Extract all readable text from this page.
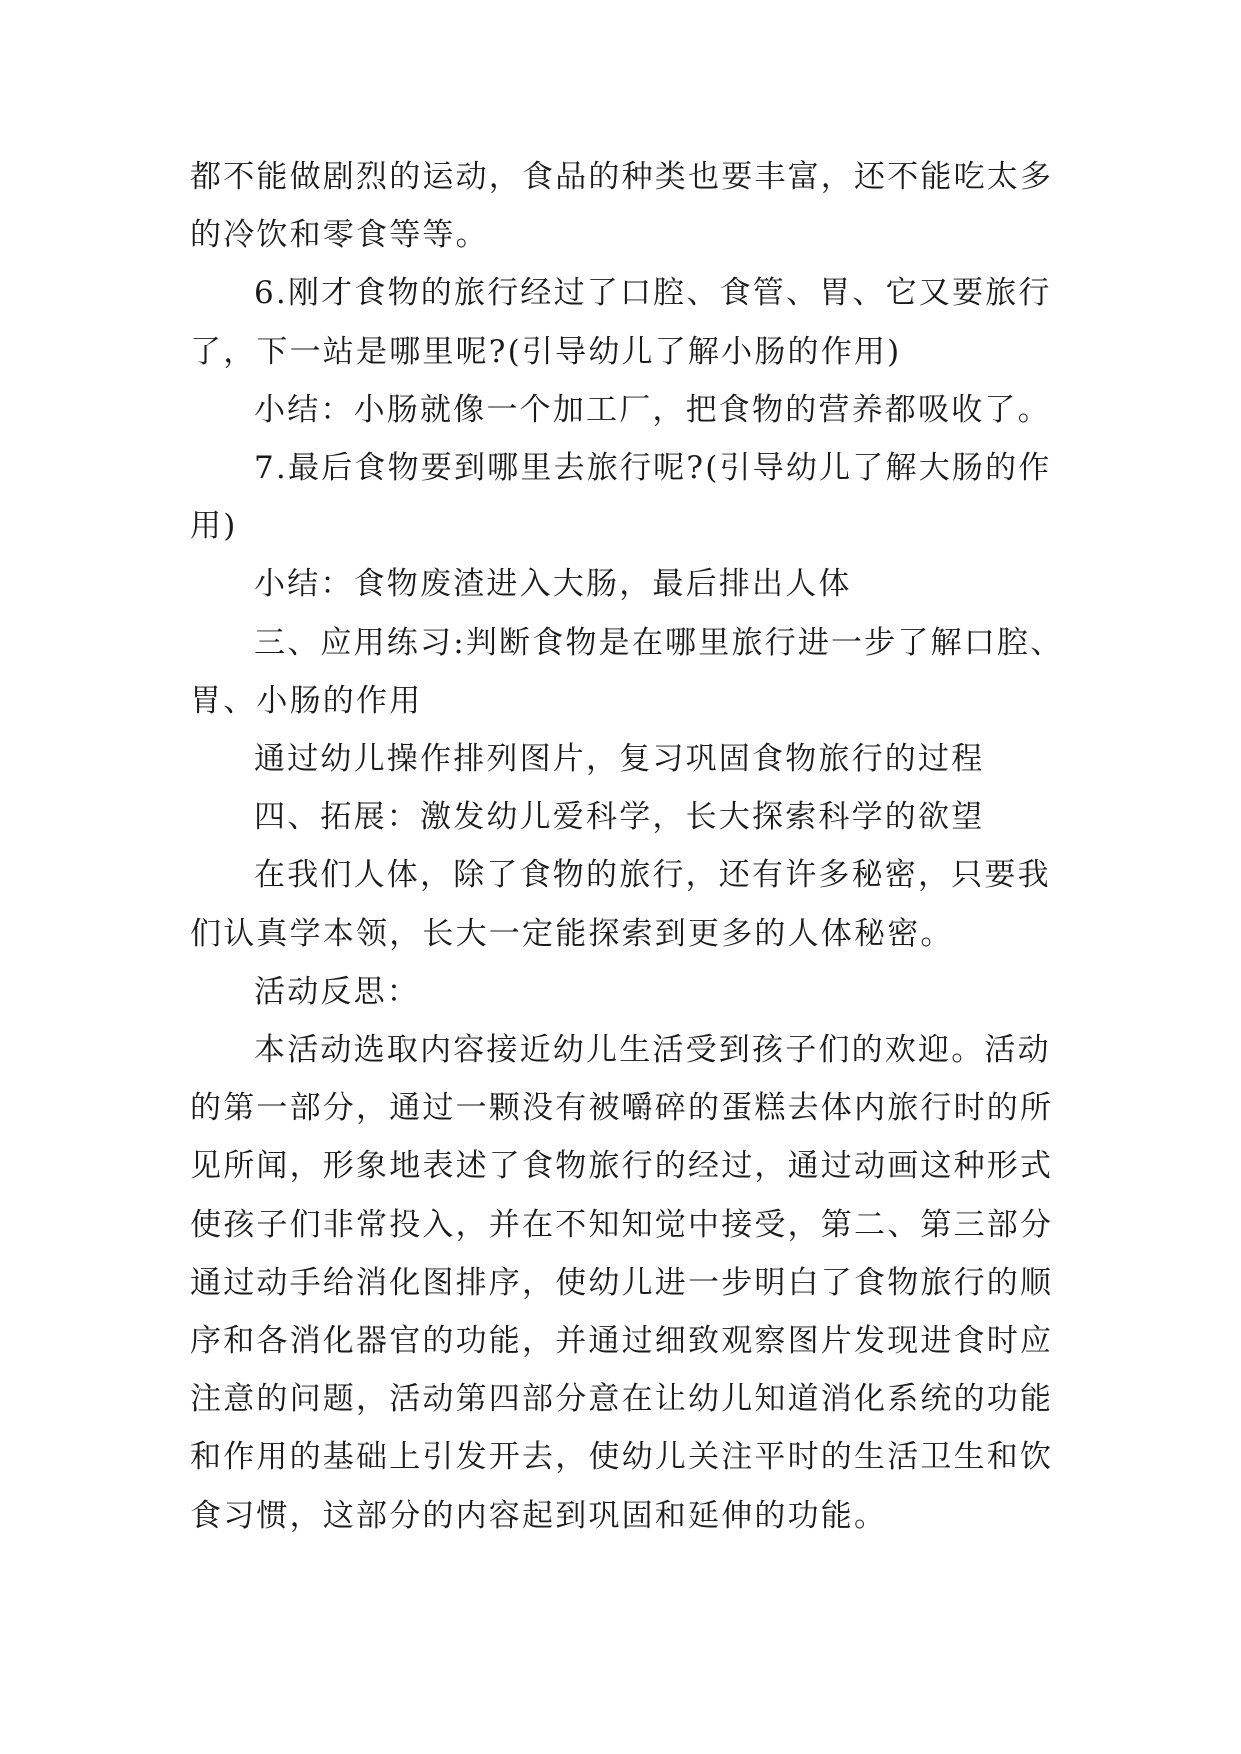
都不能做剧烈的运动，食品的种类也要丰富，还不能吃太多

的冷饮和零食等等。

6.刚才食物的旅行经过了口腔、食管、胃、它又要旅行

了，下一站是哪里呢?(引导幼儿了解小肠的作用)

小结：小肠就像一个加工厂，把食物的营养都吸收了。

7.最后食物要到哪里去旅行呢?(引导幼儿了解大肠的作

用)

小结：食物废渣进入大肠，最后排出人体

三、应用练习:判断食物是在哪里旅行进一步了解口腔、

胃、小肠的作用

通过幼儿操作排列图片，复习巩固食物旅行的过程

四、拓展：激发幼儿爱科学，长大探索科学的欲望

在我们人体，除了食物的旅行，还有许多秘密，只要我

们认真学本领，长大一定能探索到更多的人体秘密。

活动反思：

本活动选取内容接近幼儿生活受到孩子们的欢迎。活动

的第一部分，通过一颗没有被嚼碎的蛋糕去体内旅行时的所

见所闻，形象地表述了食物旅行的经过，通过动画这种形式

使孩子们非常投入，并在不知知觉中接受，第二、第三部分

通过动手给消化图排序，使幼儿进一步明白了食物旅行的顺

序和各消化器官的功能，并通过细致观察图片发现进食时应

注意的问题，活动第四部分意在让幼儿知道消化系统的功能

和作用的基础上引发开去，使幼儿关注平时的生活卫生和饮

食习惯，这部分的内容起到巩固和延伸的功能。
